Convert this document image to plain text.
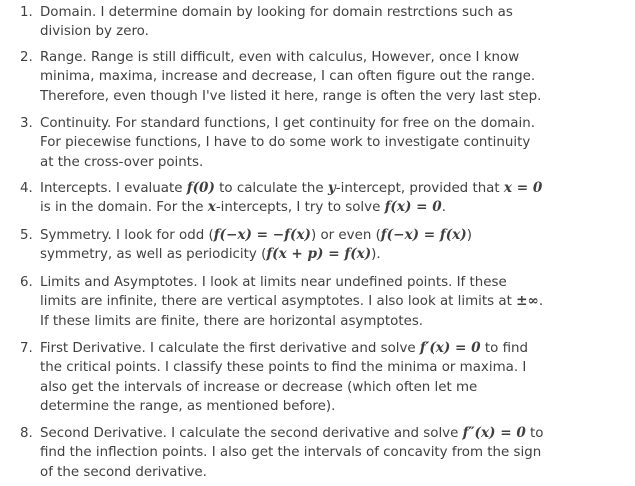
1. Domain. I determine domain by looking for domain restrctions such as division by zero.
2. Range. Range is still difficult, even with calculus, However, once I know minima, maxima, increase and decrease, I can often figure out the range. Therefore, even though I've listed it here, range is often the very last step.
3. Continuity. For standard functions, I get continuity for free on the domain. For piecewise functions, I have to do some work to investigate continuity at the cross-over points.
4. Intercepts. I evaluate f(0) to calculate the y-intercept, provided that x = 0 is in the domain. For the x-intercepts, I try to solve f(x) = 0.
5. Symmetry. I look for odd (f(−x) = −f(x)) or even (f(−x) = f(x)) symmetry, as well as periodicity (f(x + p) = f(x)).
6. Limits and Asymptotes. I look at limits near undefined points. If these limits are infinite, there are vertical asymptotes. I also look at limits at ±∞. If these limits are finite, there are horizontal asymptotes.
7. First Derivative. I calculate the first derivative and solve f′(x) = 0 to find the critical points. I classify these points to find the minima or maxima. I also get the intervals of increase or decrease (which often let me determine the range, as mentioned before).
8. Second Derivative. I calculate the second derivative and solve f″(x) = 0 to find the inflection points. I also get the intervals of concavity from the sign of the second derivative.
